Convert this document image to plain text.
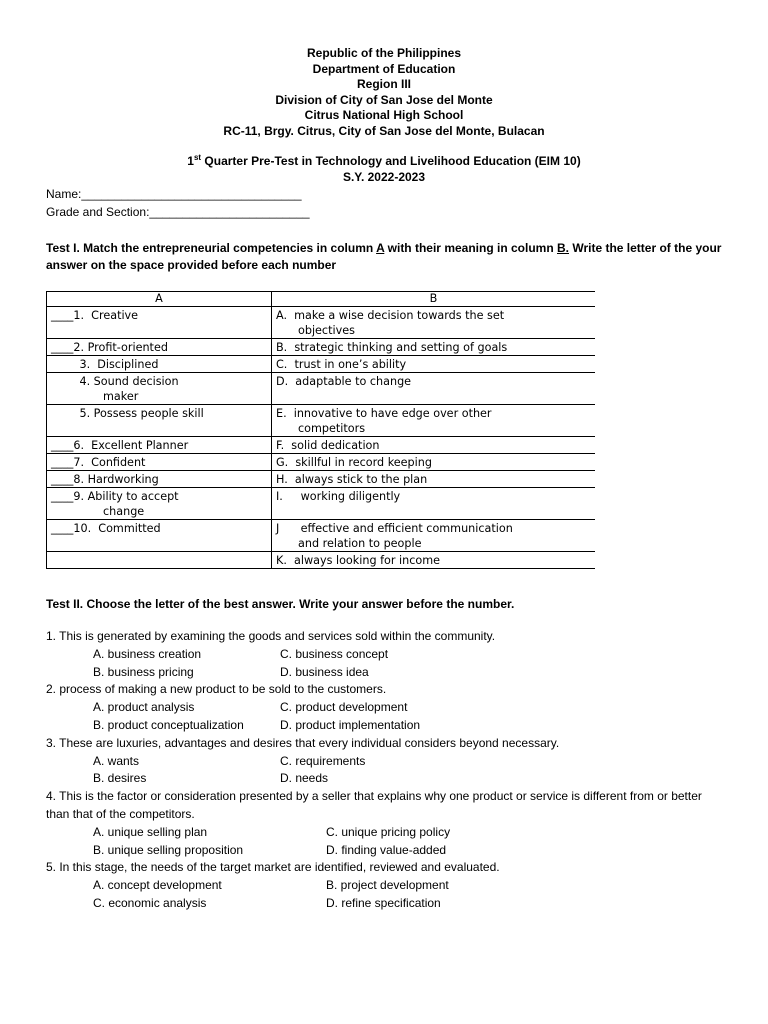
Republic of the Philippines
Department of Education
Region III
Division of City of San Jose del Monte
Citrus National High School
RC-11, Brgy. Citrus, City of San Jose del Monte, Bulacan
1st Quarter Pre-Test in Technology and Livelihood Education (EIM 10)
S.Y. 2022-2023
Name:_________________________________
Grade and Section:________________________
Test I. Match the entrepreneurial competencies in column A with their meaning in column B. Write the letter of the your answer on the space provided before each number
A	B
____1.  Creative	A.  make a wise decision towards the set
objectives

____2. Profit-oriented	B.  strategic thinking and setting of goals
3.  Disciplined	C.  trust in one’s ability
4. Sound decision
maker	D.  adaptable to change
5. Possess people skill	E.  innovative to have edge over other
competitors

____6.  Excellent Planner	F.  solid dedication
____7.  Confident	G.  skillful in record keeping
____8. Hardworking	H.  always stick to the plan
____9. Ability to accept
change	I.     working diligently
____10.  Committed	J      effective and efficient communication
and relation to people

	K.  always looking for income
Test II. Choose the letter of the best answer. Write your answer before the number.
1. This is generated by examining the goods and services sold within the community.
A. business creation	C. business concept
B. business pricing	D. business idea
2. process of making a new product to be sold to the customers.
A. product analysis	C. product development
B. product conceptualization	D. product implementation
3. These are luxuries, advantages and desires that every individual considers beyond necessary.
A. wants	C. requirements
B. desires	D. needs
4. This is the factor or consideration presented by a seller that explains why one product or service is different from or better than that of the competitors.
A. unique selling plan	C. unique pricing policy
B. unique selling proposition	D. finding value-added
5. In this stage, the needs of the target market are identified, reviewed and evaluated.
A. concept development	B. project development
C. economic analysis	D. refine specification
